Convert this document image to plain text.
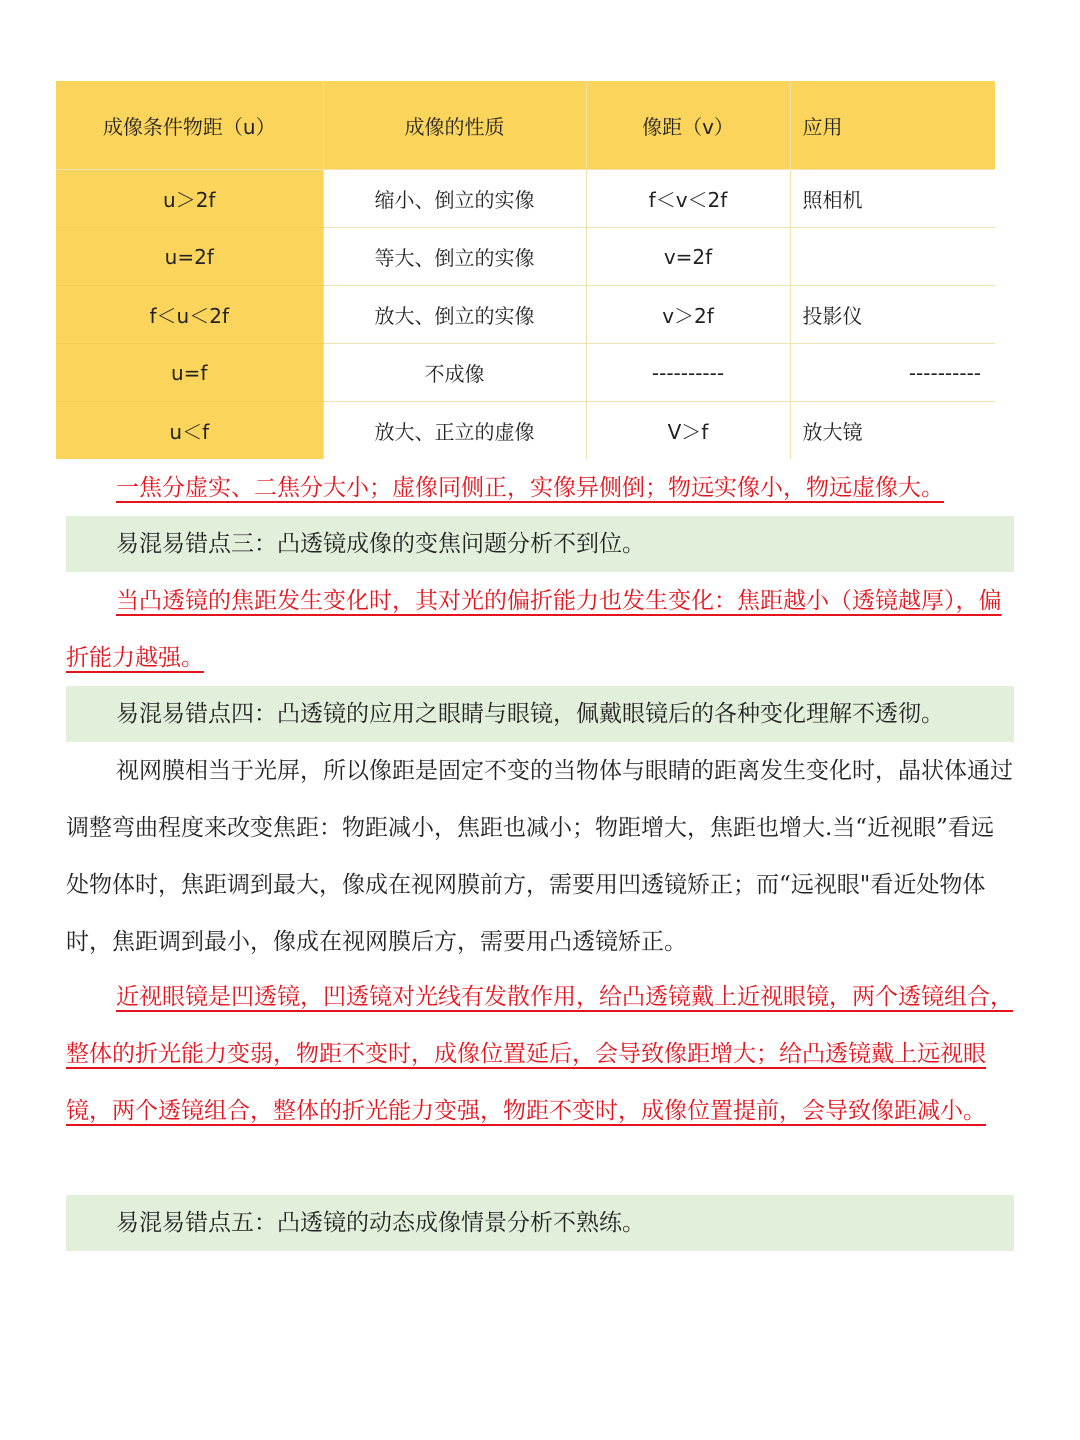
成像条件物距（u）	成像的性质	像距（v）	应用
u＞2f	缩小、倒立的实像	f＜v＜2f	照相机
u=2f	等大、倒立的实像	v=2f	
f＜u＜2f	放大、倒立的实像	v＞2f	投影仪
u=f	不成像	----------	----------
u＜f	放大、正立的虚像	V＞f	放大镜

一焦分虚实、二焦分大小；虚像同侧正，实像异侧倒；物远实像小，物远虚像大。

易混易错点三：凸透镜成像的变焦问题分析不到位。

当凸透镜的焦距发生变化时，其对光的偏折能力也发生变化：焦距越小（透镜越厚），偏折能力越强。

易混易错点四：凸透镜的应用之眼睛与眼镜，佩戴眼镜后的各种变化理解不透彻。

视网膜相当于光屏，所以像距是固定不变的当物体与眼睛的距离发生变化时，晶状体通过调整弯曲程度来改变焦距：物距减小，焦距也减小；物距增大，焦距也增大.当“近视眼”看远处物体时，焦距调到最大，像成在视网膜前方，需要用凹透镜矫正；而“远视眼"看近处物体时，焦距调到最小，像成在视网膜后方，需要用凸透镜矫正。

近视眼镜是凹透镜，凹透镜对光线有发散作用，给凸透镜戴上近视眼镜，两个透镜组合，整体的折光能力变弱，物距不变时，成像位置延后，会导致像距增大；给凸透镜戴上远视眼镜，两个透镜组合，整体的折光能力变强，物距不变时，成像位置提前，会导致像距减小。

易混易错点五：凸透镜的动态成像情景分析不熟练。
